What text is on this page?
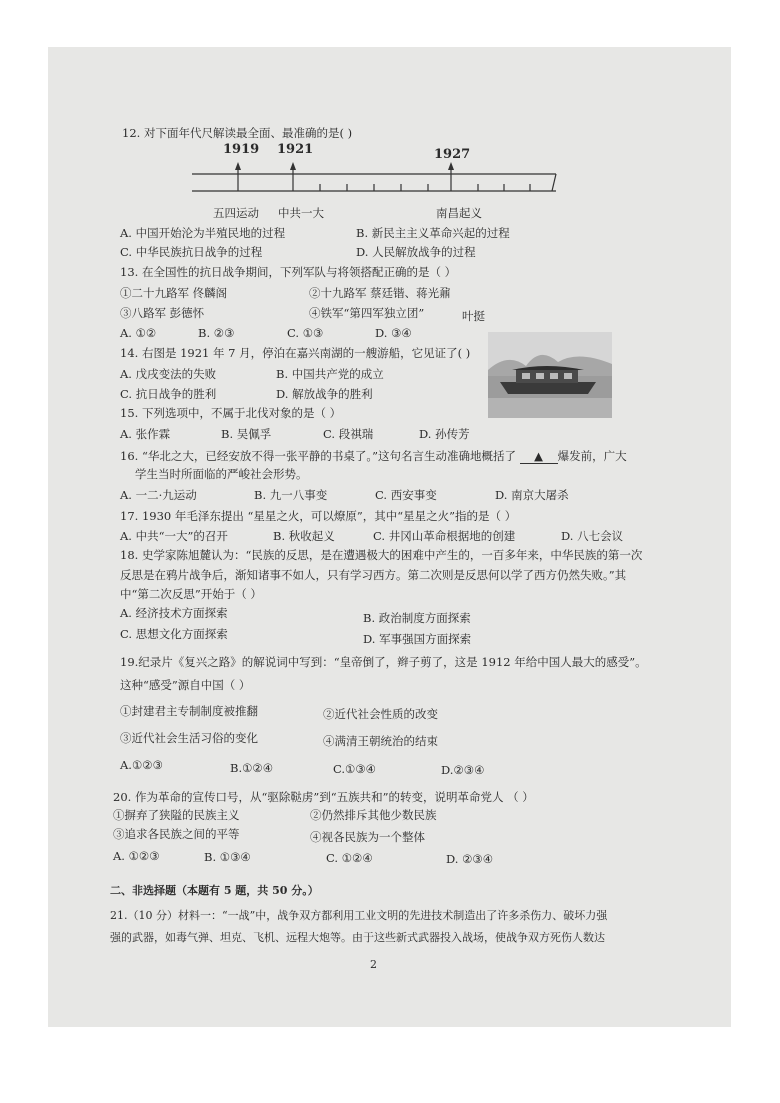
12. 对下面年代尺解读最全面、最准确的是( )
1919 1921	1927
五四运动 中共一大	南昌起义
A. 中国开始沦为半殖民地的过程	B. 新民主主义革命兴起的过程
C. 中华民族抗日战争的过程	D. 人民解放战争的过程
13. 在全国性的抗日战争期间，下列军队与将领搭配正确的是（ ）
①二十九路军 佟麟阁	②十九路军 蔡廷锴、蒋光鼐
③八路军 彭德怀	④铁军“第四军独立团”	叶挺
A. ①②	B. ②③	C. ①③	D. ③④
14. 右图是 1921 年 7 月，停泊在嘉兴南湖的一艘游船，它见证了( )
A. 戊戌变法的失败	B. 中国共产党的成立
C. 抗日战争的胜利	D. 解放战争的胜利
15. 下列选项中，不属于北伐对象的是（ ）
A. 张作霖	B. 吴佩孚	C. 段祺瑞	D. 孙传芳
16. “华北之大，已经安放不得一张平静的书桌了。”这句名言生动准确地概括了 ▲ 爆发前，广大
学生当时所面临的严峻社会形势。
A. 一二·九运动	B. 九一八事变	C. 西安事变	D. 南京大屠杀
17. 1930 年毛泽东提出 “星星之火，可以燎原”，其中“星星之火”指的是（ ）
A. 中共“一大”的召开	B. 秋收起义	C. 井冈山革命根据地的创建	D. 八七会议
18. 史学家陈旭麓认为：“民族的反思，是在遭遇极大的困难中产生的，一百多年来，中华民族的第一次
反思是在鸦片战争后，渐知诸事不如人，只有学习西方。第二次则是反思何以学了西方仍然失败。”其
中“第二次反思”开始于（ ）
A. 经济技术方面探索	B. 政治制度方面探索
C. 思想文化方面探索	D. 军事强国方面探索
19.纪录片《复兴之路》的解说词中写到：“皇帝倒了，辫子剪了，这是 1912 年给中国人最大的感受”。
这种“感受”源自中国（ ）
①封建君主专制制度被推翻	②近代社会性质的改变
③近代社会生活习俗的变化	④满清王朝统治的结束
A.①②③	B.①②④	C.①③④	D.②③④
20. 作为革命的宣传口号，从“驱除鞑虏”到“五族共和”的转变，说明革命党人 （ ）
①摒弃了狭隘的民族主义	②仍然排斥其他少数民族
③追求各民族之间的平等	④视各民族为一个整体
A. ①②③	B. ①③④	C. ①②④	D. ②③④
二、非选择题（本题有 5 题，共 50 分。）
21.（10 分）材料一：“一战”中，战争双方都利用工业文明的先进技术制造出了许多杀伤力、破坏力强
强的武器，如毒气弹、坦克、飞机、远程大炮等。由于这些新式武器投入战场，使战争双方死伤人数达
2
